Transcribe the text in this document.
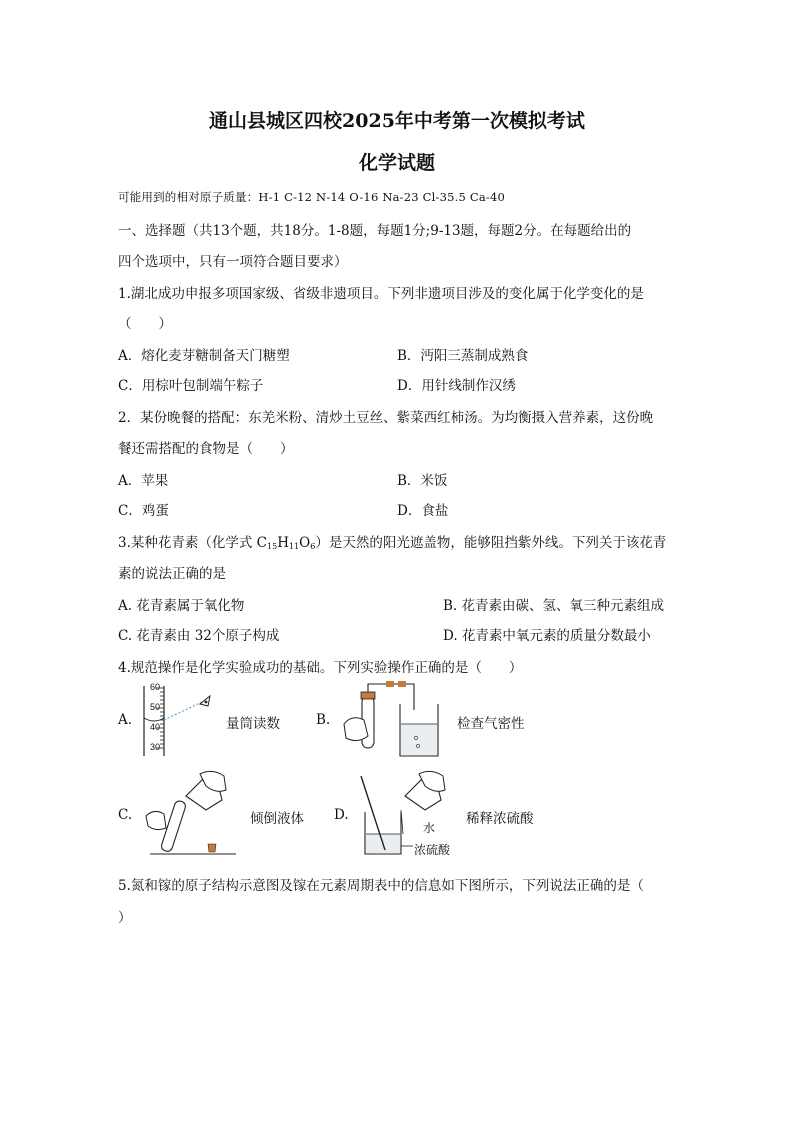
通山县城区四校2025年中考第一次模拟考试
化学试题
可能用到的相对原子质量：H-1 C-12 N-14 O-16 Na-23 Cl-35.5 Ca-40
一、选择题（共13个题，共18分。1-8题，每题1分;9-13题，每题2分。在每题给出的
四个选项中，只有一项符合题目要求）
1.湖北成功申报多项国家级、省级非遗项目。下列非遗项目涉及的变化属于化学变化的是
（　　）
A．熔化麦芽糖制备天门糖塑	B．沔阳三蒸制成熟食
C．用棕叶包制端午粽子	D．用针线制作汉绣
2．某份晚餐的搭配：东羌米粉、清炒土豆丝、紫菜西红柿汤。为均衡摄入营养素，这份晚
餐还需搭配的食物是（　　）
A．苹果	B．米饭
C．鸡蛋	D．食盐
3.某种花青素（化学式 $C_{15}H_{11}O_6$）是天然的阳光遮盖物，能够阻挡紫外线。下列关于该花青
素的说法正确的是
A. 花青素属于氧化物	B. 花青素由碳、氢、氧三种元素组成
C. 花青素由 32个原子构成	D. 花青素中氧元素的质量分数最小
4.规范操作是化学实验成功的基础。下列实验操作正确的是（　　）
A.
60
50
40
30
量筒读数	B.	检查气密性
C.	倾倒液体 D.
水
浓硫酸
稀释浓硫酸
5.氮和镓的原子结构示意图及镓在元素周期表中的信息如下图所示，下列说法正确的是（
）
